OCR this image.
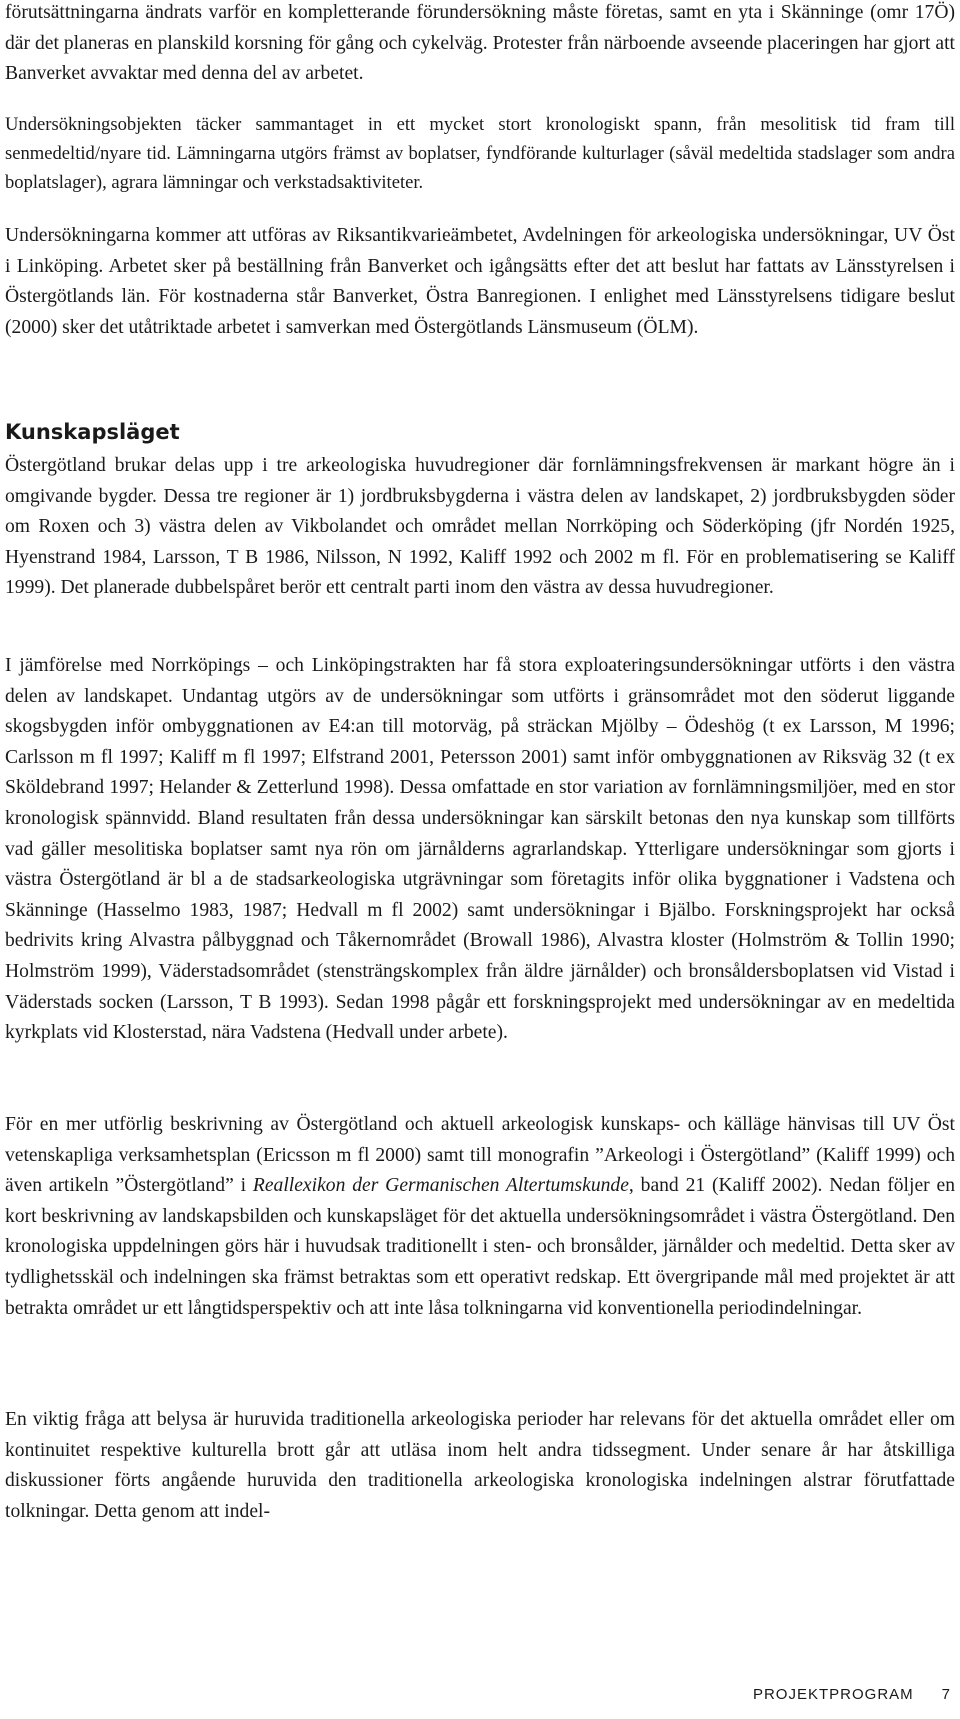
förutsättningarna ändrats varför en kompletterande förundersökning måste företas, samt en yta i Skänninge (omr 17Ö) där det planeras en planskild korsning för gång och cykelväg. Protester från närboende avseende placeringen har gjort att Banverket avvaktar med denna del av arbetet.

Undersökningsobjekten täcker sammantaget in ett mycket stort kronologiskt spann, från mesolitisk tid fram till senmedeltid/nyare tid. Lämningarna utgörs främst av boplatser, fyndförande kulturlager (såväl medeltida stadslager som andra boplatslager), agrara lämningar och verkstadsaktiviteter.

Undersökningarna kommer att utföras av Riksantikvarieämbetet, Avdelningen för arkeologiska undersökningar, UV Öst i Linköping. Arbetet sker på beställning från Banverket och igångsätts efter det att beslut har fattats av Länsstyrelsen i Östergötlands län. För kostnaderna står Banverket, Östra Banregionen. I enlighet med Länsstyrelsens tidigare beslut (2000) sker det utåtriktade arbetet i samverkan med Östergötlands Länsmuseum (ÖLM).

Kunskapsläget

Östergötland brukar delas upp i tre arkeologiska huvudregioner där fornlämningsfrekvensen är markant högre än i omgivande bygder. Dessa tre regioner är 1) jordbruksbygderna i västra delen av landskapet, 2) jordbruksbygden söder om Roxen och 3) västra delen av Vikbolandet och området mellan Norrköping och Söderköping (jfr Nordén 1925, Hyenstrand 1984, Larsson, T B 1986, Nilsson, N 1992, Kaliff 1992 och 2002 m fl. För en problematisering se Kaliff 1999). Det planerade dubbelspåret berör ett centralt parti inom den västra av dessa huvudregioner.

I jämförelse med Norrköpings – och Linköpingstrakten har få stora exploateringsundersökningar utförts i den västra delen av landskapet. Undantag utgörs av de undersökningar som utförts i gränsområdet mot den söderut liggande skogsbygden inför ombyggnationen av E4:an till motorväg, på sträckan Mjölby – Ödeshög (t ex Larsson, M 1996; Carlsson m fl 1997; Kaliff m fl 1997; Elfstrand 2001, Petersson 2001) samt inför ombyggnationen av Riksväg 32 (t ex Sköldebrand 1997; Helander & Zetterlund 1998). Dessa omfattade en stor variation av fornlämningsmiljöer, med en stor kronologisk spännvidd. Bland resultaten från dessa undersökningar kan särskilt betonas den nya kunskap som tillförts vad gäller mesolitiska boplatser samt nya rön om järnålderns agrarlandskap. Ytterligare undersökningar som gjorts i västra Östergötland är bl a de stadsarkeologiska utgrävningar som företagits inför olika byggnationer i Vadstena och Skänninge (Hasselmo 1983, 1987; Hedvall m fl 2002) samt undersökningar i Bjälbo. Forskningsprojekt har också bedrivits kring Alvastra pålbyggnad och Tåkernområdet (Browall 1986), Alvastra kloster (Holmström & Tollin 1990; Holmström 1999), Väderstadsområdet (stensträngskomplex från äldre järnålder) och bronsåldersboplatsen vid Vistad i Väderstads socken (Larsson, T B 1993). Sedan 1998 pågår ett forskningsprojekt med undersökningar av en medeltida kyrkplats vid Klosterstad, nära Vadstena (Hedvall under arbete).

För en mer utförlig beskrivning av Östergötland och aktuell arkeologisk kunskaps- och källäge hänvisas till UV Öst vetenskapliga verksamhetsplan (Ericsson m fl 2000) samt till monografin ”Arkeologi i Östergötland” (Kaliff 1999) och även artikeln ”Östergötland” i Reallexikon der Germanischen Altertumskunde, band 21 (Kaliff 2002). Nedan följer en kort beskrivning av landskapsbilden och kunskapsläget för det aktuella undersökningsområdet i västra Östergötland. Den kronologiska uppdelningen görs här i huvudsak traditionellt i sten- och bronsålder, järnålder och medeltid. Detta sker av tydlighetsskäl och indelningen ska främst betraktas som ett operativt redskap. Ett övergripande mål med projektet är att betrakta området ur ett långtidsperspektiv och att inte låsa tolkningarna vid konventionella periodindelningar.

En viktig fråga att belysa är huruvida traditionella arkeologiska perioder har relevans för det aktuella området eller om kontinuitet respektive kulturella brott går att utläsa inom helt andra tidssegment. Under senare år har åtskilliga diskussioner förts angående huruvida den traditionella arkeologiska kronologiska indelningen alstrar förutfattade tolkningar. Detta genom att indel-

PROJEKTPROGRAM 7
